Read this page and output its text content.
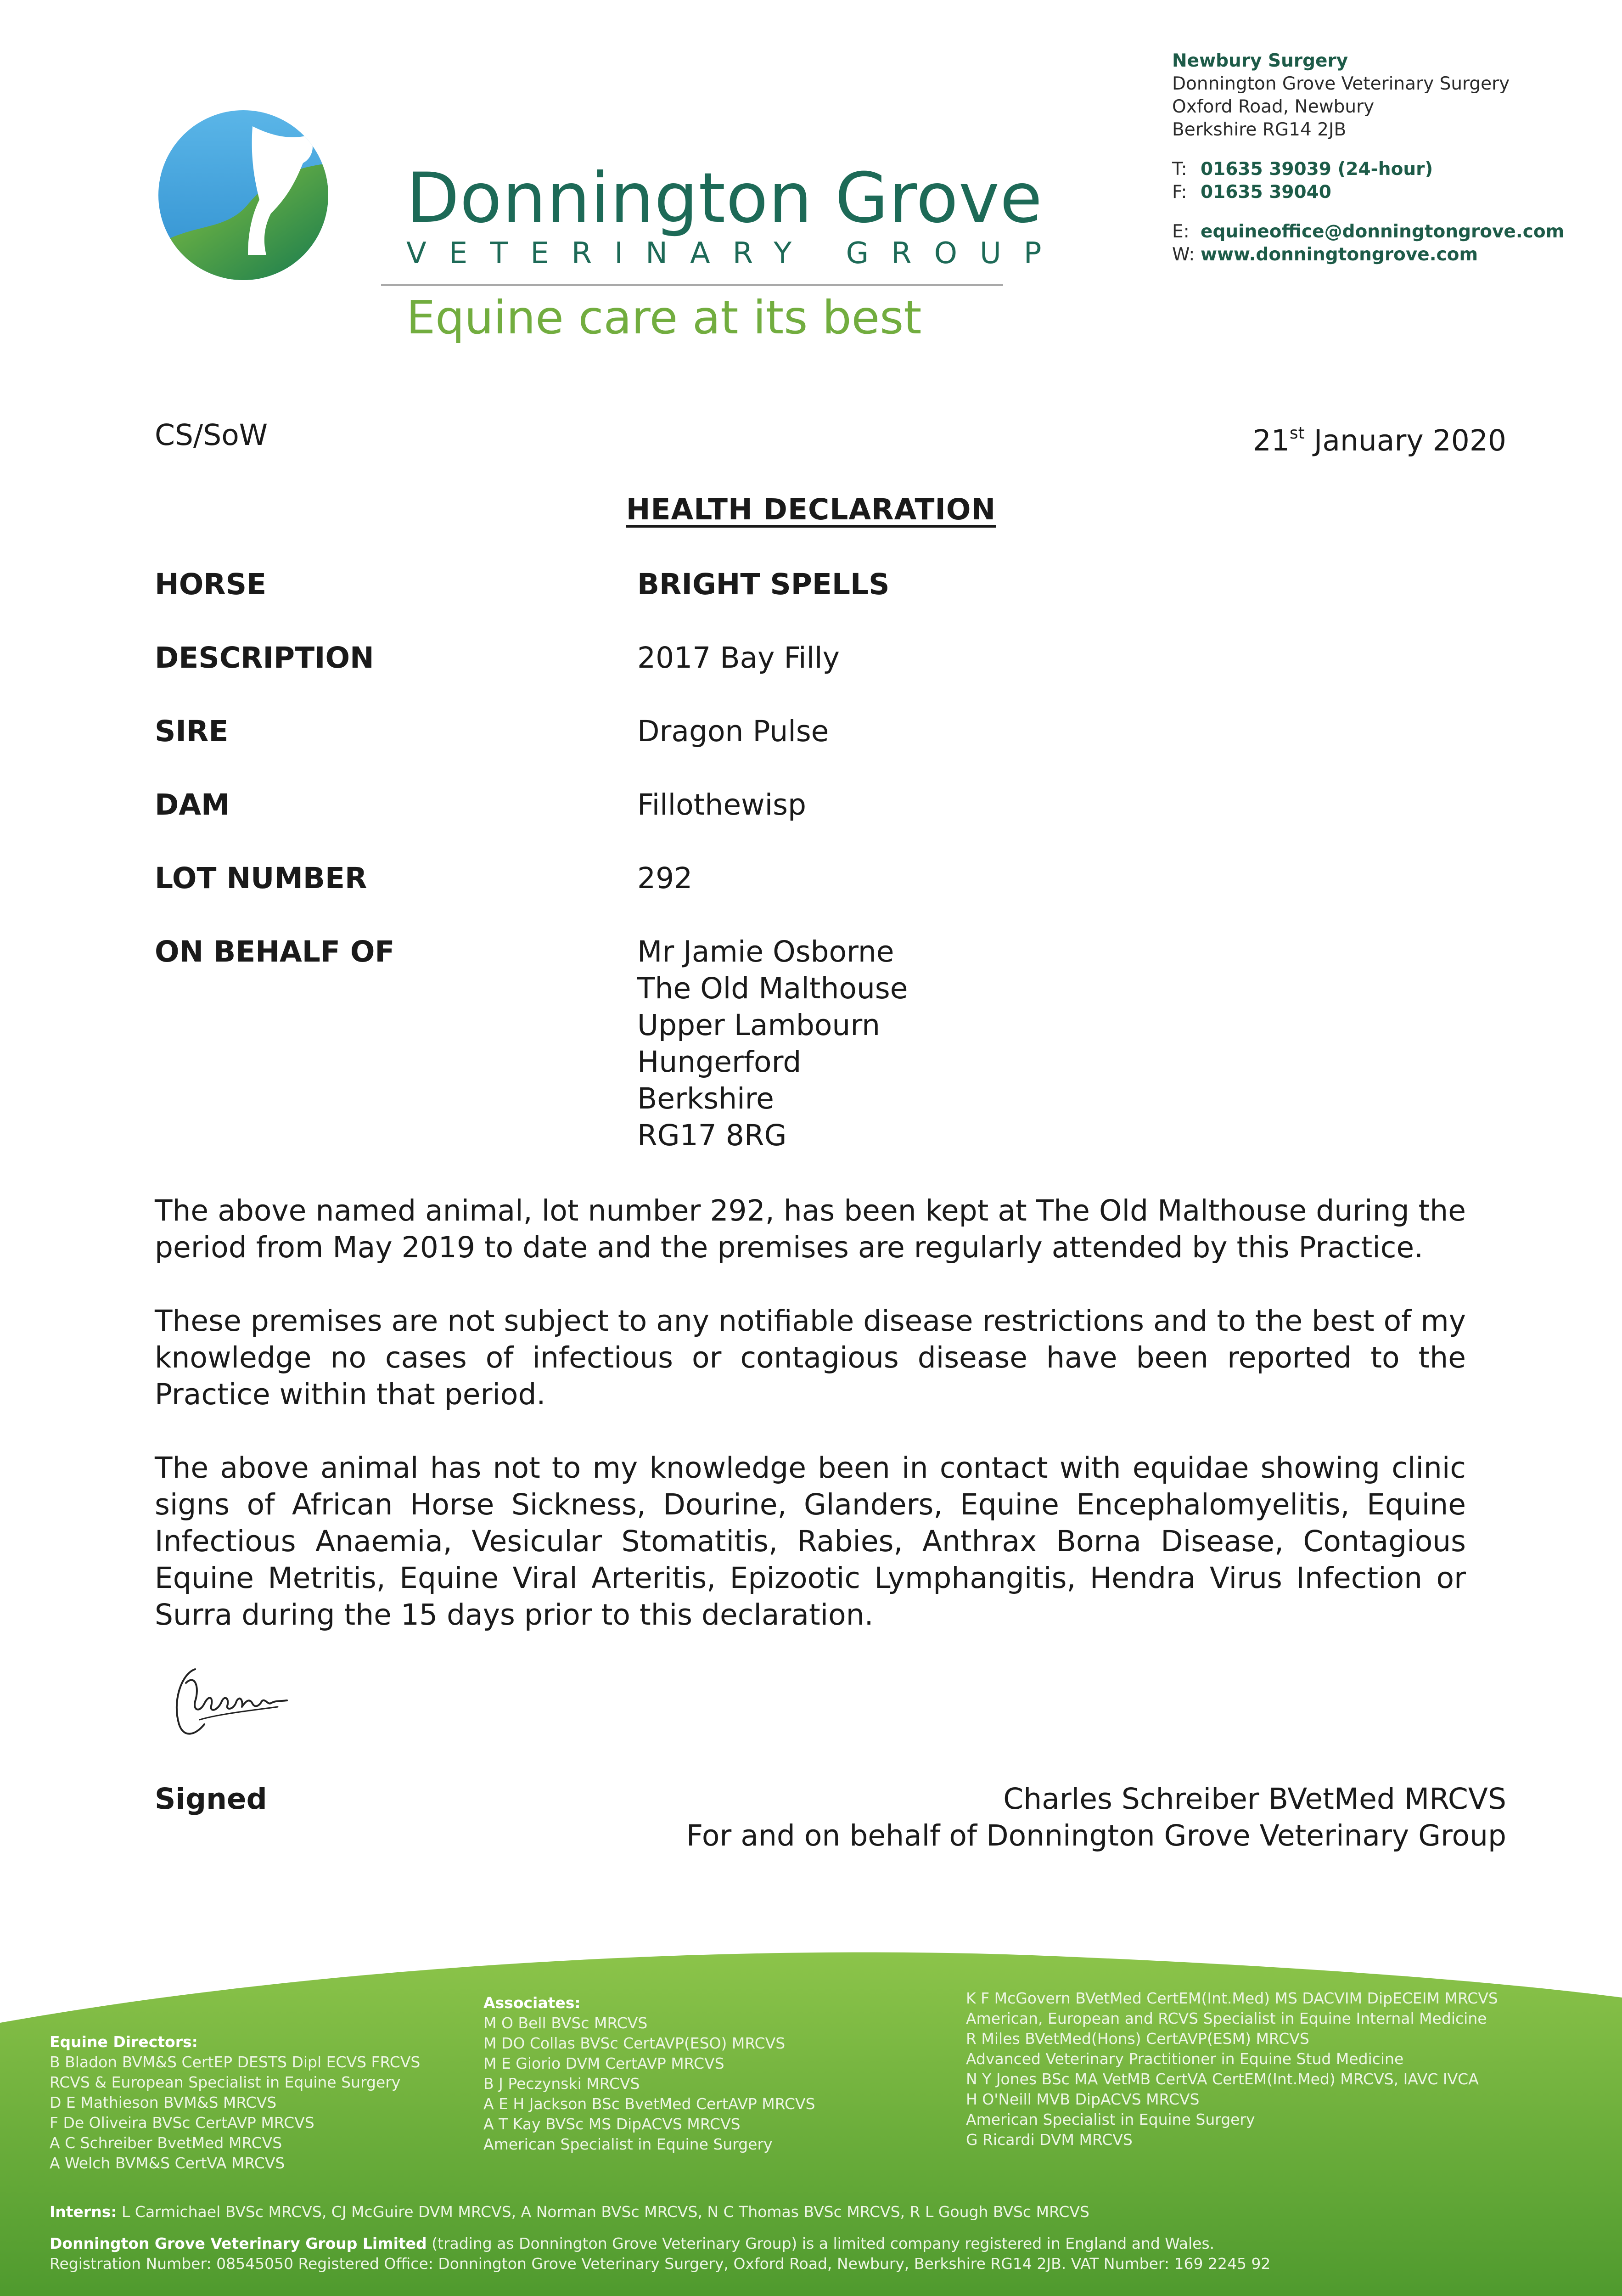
Donnington Grove
VETERINARY GROUP
Equine care at its best
Newbury Surgery
Donnington Grove Veterinary Surgery
Oxford Road, Newbury
Berkshire RG14 2JB
T: 01635 39039 (24-hour)
F: 01635 39040
E: equineoffice@donningtongrove.com
W: www.donningtongrove.com
CS/SoW	21st January 2020
HEALTH DECLARATION
HORSE	BRIGHT SPELLS
DESCRIPTION	2017 Bay Filly
SIRE	Dragon Pulse
DAM	Fillothewisp
LOT NUMBER	292
ON BEHALF OF	Mr Jamie Osborne
The Old Malthouse
Upper Lambourn
Hungerford
Berkshire
RG17 8RG

The above named animal, lot number 292, has been kept at The Old Malthouse during the period from May 2019 to date and the premises are regularly attended by this Practice.

These premises are not subject to any notifiable disease restrictions and to the best of my knowledge no cases of infectious or contagious disease have been reported to the Practice within that period.

The above animal has not to my knowledge been in contact with equidae showing clinic signs of African Horse Sickness, Dourine, Glanders, Equine Encephalomyelitis, Equine Infectious Anaemia, Vesicular Stomatitis, Rabies, Anthrax Borna Disease, Contagious Equine Metritis, Equine Viral Arteritis, Epizootic Lymphangitis, Hendra Virus Infection or Surra during the 15 days prior to this declaration.

Signed	Charles Schreiber BVetMed MRCVS
For and on behalf of Donnington Grove Veterinary Group
Equine Directors:
B Bladon BVM&S CertEP DESTS Dipl ECVS FRCVS
RCVS & European Specialist in Equine Surgery
D E Mathieson BVM&S MRCVS
F De Oliveira BVSc CertAVP MRCVS
A C Schreiber BvetMed MRCVS
A Welch BVM&S CertVA MRCVS
Associates:
M O Bell BVSc MRCVS
M DO Collas BVSc CertAVP(ESO) MRCVS
M E Giorio DVM CertAVP MRCVS
B J Peczynski MRCVS
A E H Jackson BSc BvetMed CertAVP MRCVS
A T Kay BVSc MS DipACVS MRCVS
American Specialist in Equine Surgery
K F McGovern BVetMed CertEM(Int.Med) MS DACVIM DipECEIM MRCVS
American, European and RCVS Specialist in Equine Internal Medicine
R Miles BVetMed(Hons) CertAVP(ESM) MRCVS
Advanced Veterinary Practitioner in Equine Stud Medicine
N Y Jones BSc MA VetMB CertVA CertEM(Int.Med) MRCVS, IAVC IVCA
H O'Neill MVB DipACVS MRCVS
American Specialist in Equine Surgery
G Ricardi DVM MRCVS
Interns: L Carmichael BVSc MRCVS, CJ McGuire DVM MRCVS, A Norman BVSc MRCVS, N C Thomas BVSc MRCVS, R L Gough BVSc MRCVS
Donnington Grove Veterinary Group Limited (trading as Donnington Grove Veterinary Group) is a limited company registered in England and Wales.
Registration Number: 08545050 Registered Office: Donnington Grove Veterinary Surgery, Oxford Road, Newbury, Berkshire RG14 2JB. VAT Number: 169 2245 92
